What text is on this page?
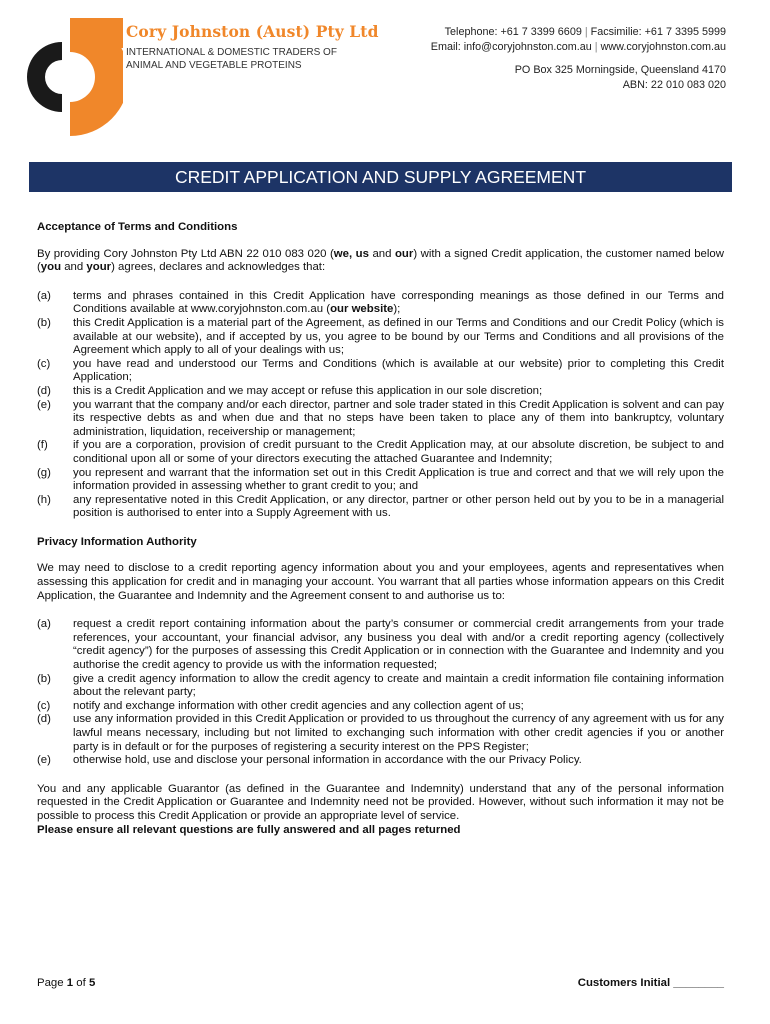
Cory Johnston (Aust) Pty Ltd
INTERNATIONAL & DOMESTIC TRADERS OF
ANIMAL AND VEGETABLE PROTEINS
Telephone: +61 7 3399 6609 | Facsimilie: +61 7 3395 5999
Email: info@coryjohnston.com.au | www.coryjohnston.com.au
PO Box 325 Morningside, Queensland 4170
ABN: 22 010 083 020
CREDIT APPLICATION AND SUPPLY AGREEMENT
Acceptance of Terms and Conditions
By providing Cory Johnston Pty Ltd ABN 22 010 083 020 (we, us and our) with a signed Credit application, the customer named below (you and your) agrees, declares and acknowledges that:
(a)	terms and phrases contained in this Credit Application have corresponding meanings as those defined in our Terms and Conditions available at www.coryjohnston.com.au (our website);
(b)	this Credit Application is a material part of the Agreement, as defined in our Terms and Conditions and our Credit Policy (which is available at our website), and if accepted by us, you agree to be bound by our Terms and Conditions and all provisions of the Agreement which apply to all of your dealings with us;
(c)	you have read and understood our Terms and Conditions (which is available at our website) prior to completing this Credit Application;
(d)	this is a Credit Application and we may accept or refuse this application in our sole discretion;
(e)	you warrant that the company and/or each director, partner and sole trader stated in this Credit Application is solvent and can pay its respective debts as and when due and that no steps have been taken to place any of them into bankruptcy, voluntary administration, liquidation, receivership or management;
(f)	if you are a corporation, provision of credit pursuant to the Credit Application may, at our absolute discretion, be subject to and conditional upon all or some of your directors executing the attached Guarantee and Indemnity;
(g)	you represent and warrant that the information set out in this Credit Application is true and correct and that we will rely upon the information provided in assessing whether to grant credit to you; and
(h)	any representative noted in this Credit Application, or any director, partner or other person held out by you to be in a managerial position is authorised to enter into a Supply Agreement with us.
Privacy Information Authority
We may need to disclose to a credit reporting agency information about you and your employees, agents and representatives when assessing this application for credit and in managing your account. You warrant that all parties whose information appears on this Credit Application, the Guarantee and Indemnity and the Agreement consent to and authorise us to:
(a)	request a credit report containing information about the party’s consumer or commercial credit arrangements from your trade references, your accountant, your financial advisor, any business you deal with and/or a credit reporting agency (collectively “credit agency”) for the purposes of assessing this Credit Application or in connection with the Guarantee and Indemnity and you authorise the credit agency to provide us with the information requested;
(b)	give a credit agency information to allow the credit agency to create and maintain a credit information file containing information about the relevant party;
(c)	notify and exchange information with other credit agencies and any collection agent of us;
(d)	use any information provided in this Credit Application or provided to us throughout the currency of any agreement with us for any lawful means necessary, including but not limited to exchanging such information with other credit agencies if you or another party is in default or for the purposes of registering a security interest on the PPS Register;
(e)	otherwise hold, use and disclose your personal information in accordance with the our Privacy Policy.
You and any applicable Guarantor (as defined in the Guarantee and Indemnity) understand that any of the personal information requested in the Credit Application or Guarantee and Indemnity need not be provided. However, without such information it may not be possible to process this Credit Application or provide an appropriate level of service.
Please ensure all relevant questions are fully answered and all pages returned
Page 1 of 5	Customers Initial ________
